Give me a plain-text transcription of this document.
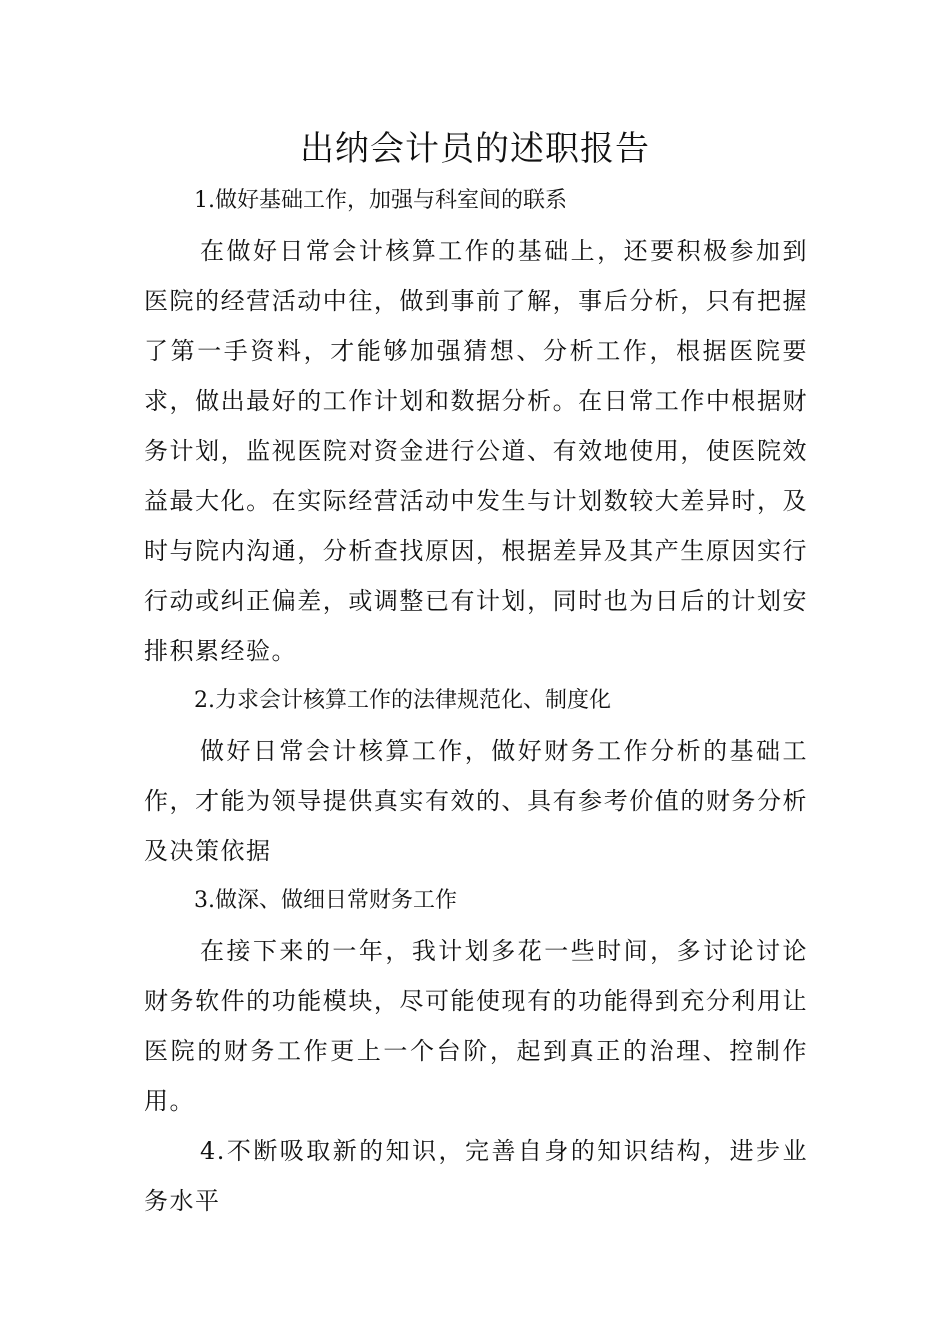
出纳会计员的述职报告

1.做好基础工作，加强与科室间的联系

在做好日常会计核算工作的基础上，还要积极参加到医院的经营活动中往，做到事前了解，事后分析，只有把握了第一手资料，才能够加强猜想、分析工作，根据医院要求，做出最好的工作计划和数据分析。在日常工作中根据财务计划，监视医院对资金进行公道、有效地使用，使医院效益最大化。在实际经营活动中发生与计划数较大差异时，及时与院内沟通，分析查找原因，根据差异及其产生原因实行行动或纠正偏差，或调整已有计划，同时也为日后的计划安排积累经验。

2.力求会计核算工作的法律规范化、制度化

做好日常会计核算工作，做好财务工作分析的基础工作，才能为领导提供真实有效的、具有参考价值的财务分析及决策依据

3.做深、做细日常财务工作

在接下来的一年，我计划多花一些时间，多讨论讨论财务软件的功能模块，尽可能使现有的功能得到充分利用让医院的财务工作更上一个台阶，起到真正的治理、控制作用。

4.不断吸取新的知识，完善自身的知识结构，进步业务水平
